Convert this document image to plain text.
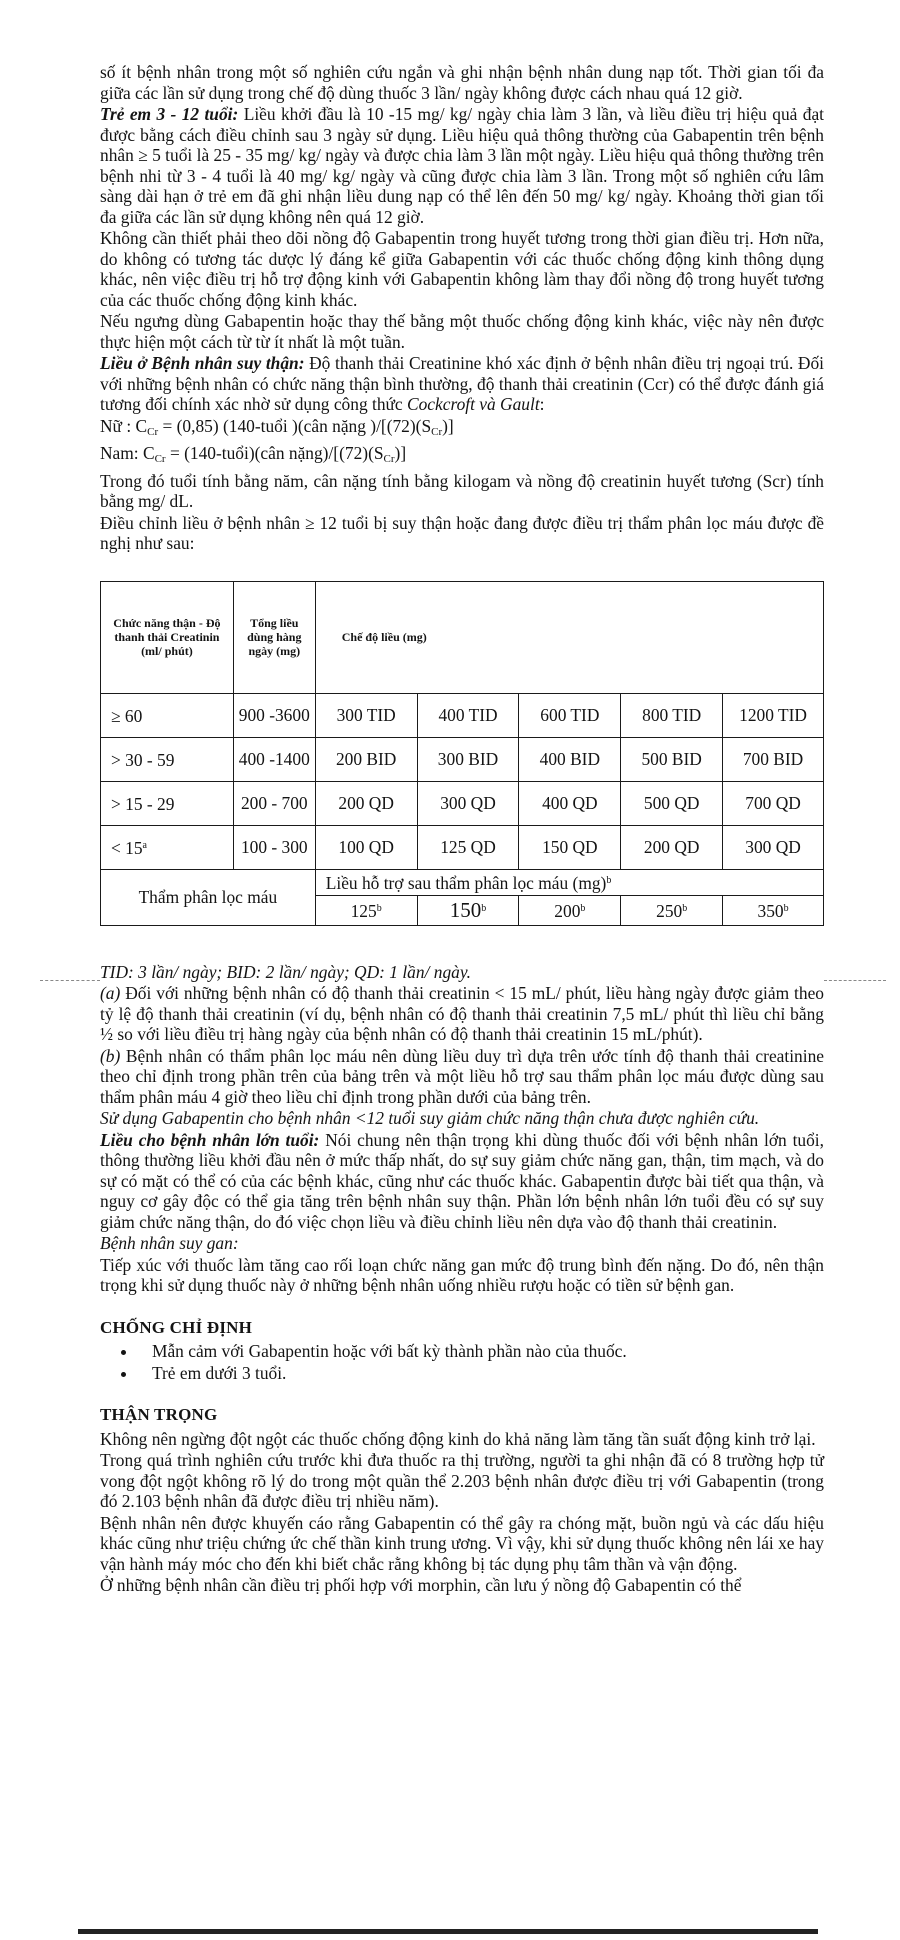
số ít bệnh nhân trong một số nghiên cứu ngắn và ghi nhận bệnh nhân dung nạp tốt. Thời gian tối đa giữa các lần sử dụng trong chế độ dùng thuốc 3 lần/ ngày không được cách nhau quá 12 giờ.

Trẻ em 3 - 12 tuổi: Liều khởi đầu là 10 -15 mg/ kg/ ngày chia làm 3 lần, và liều điều trị hiệu quả đạt được bằng cách điều chỉnh sau 3 ngày sử dụng. Liều hiệu quả thông thường của Gabapentin trên bệnh nhân ≥ 5 tuổi là 25 - 35 mg/ kg/ ngày và được chia làm 3 lần một ngày. Liều hiệu quả thông thường trên bệnh nhi từ 3 - 4 tuổi là 40 mg/ kg/ ngày và cũng được chia làm 3 lần. Trong một số nghiên cứu lâm sàng dài hạn ở trẻ em đã ghi nhận liều dung nạp có thể lên đến 50 mg/ kg/ ngày. Khoảng thời gian tối đa giữa các lần sử dụng không nên quá 12 giờ.

Không cần thiết phải theo dõi nồng độ Gabapentin trong huyết tương trong thời gian điều trị. Hơn nữa, do không có tương tác dược lý đáng kể giữa Gabapentin với các thuốc chống động kinh thông dụng khác, nên việc điều trị hỗ trợ động kinh với Gabapentin không làm thay đổi nồng độ trong huyết tương của các thuốc chống động kinh khác.

Nếu ngưng dùng Gabapentin hoặc thay thế bằng một thuốc chống động kinh khác, việc này nên được thực hiện một cách từ từ ít nhất là một tuần.

Liều ở Bệnh nhân suy thận: Độ thanh thải Creatinine khó xác định ở bệnh nhân điều trị ngoại trú. Đối với những bệnh nhân có chức năng thận bình thường, độ thanh thải creatinin (Ccr) có thể được đánh giá tương đối chính xác nhờ sử dụng công thức Cockcroft và Gault:

Nữ : $C_{Cr} = (0,85)$ (140-tuổi )(cân nặng )$/[(72)(S_{Cr})]$

Nam: $C_{Cr}$ = (140-tuổi)(cân $nặng)/[(72)(S_{Cr})]$

Trong đó tuổi tính bằng năm, cân nặng tính bằng kilogam và nồng độ creatinin huyết tương (Scr) tính bằng mg/ dL.

Điều chỉnh liều ở bệnh nhân ≥ 12 tuổi bị suy thận hoặc đang được điều trị thẩm phân lọc máu được đề nghị như sau:

Chức năng thận - Độ thanh thải Creatinin (ml/ phút)	Tổng liều dùng hàng ngày (mg)	Chế độ liều (mg)				
≥ 60	900 -3600	300 TID	400 TID	600 TID	800 TID	1200 TID
> 30 - 59	400 -1400	200 BID	300 BID	400 BID	500 BID	700 BID
> 15 - 29	200 - 700	200 QD	300 QD	400 QD	500 QD	700 QD
< $15^a$	100 - 300	100 QD	125 QD	150 QD	200 QD	300 QD
Thẩm phân lọc máu		Liều hỗ trợ sau thẩm phân lọc máu (mg)$^b$
		125$^b$	150$^b$	200$^b$	250$^b$	350$^b$

TID: 3 lần/ ngày; BID: 2 lần/ ngày; QD: 1 lần/ ngày.

(a) Đối với những bệnh nhân có độ thanh thải creatinin < 15 mL/ phút, liều hàng ngày được giảm theo tỷ lệ độ thanh thải creatinin (ví dụ, bệnh nhân có độ thanh thải creatinin 7,5 mL/ phút thì liều chỉ bằng ½ so với liều điều trị hàng ngày của bệnh nhân có độ thanh thải creatinin 15 mL/phút).

(b) Bệnh nhân có thẩm phân lọc máu nên dùng liều duy trì dựa trên ước tính độ thanh thải creatinine theo chỉ định trong phần trên của bảng trên và một liều hỗ trợ sau thẩm phân lọc máu được dùng sau thẩm phân máu 4 giờ theo liều chỉ định trong phần dưới của bảng trên.

Sử dụng Gabapentin cho bệnh nhân <12 tuổi suy giảm chức năng thận chưa được nghiên cứu.

Liều cho bệnh nhân lớn tuổi: Nói chung nên thận trọng khi dùng thuốc đối với bệnh nhân lớn tuổi, thông thường liều khởi đầu nên ở mức thấp nhất, do sự suy giảm chức năng gan, thận, tim mạch, và do sự có mặt có thể có của các bệnh khác, cũng như các thuốc khác. Gabapentin được bài tiết qua thận, và nguy cơ gây độc có thể gia tăng trên bệnh nhân suy thận. Phần lớn bệnh nhân lớn tuổi đều có sự suy giảm chức năng thận, do đó việc chọn liều và điều chỉnh liều nên dựa vào độ thanh thải creatinin.

Bệnh nhân suy gan:

Tiếp xúc với thuốc làm tăng cao rối loạn chức năng gan mức độ trung bình đến nặng. Do đó, nên thận trọng khi sử dụng thuốc này ở những bệnh nhân uống nhiều rượu hoặc có tiền sử bệnh gan.

CHỐNG CHỈ ĐỊNH
• Mẫn cảm với Gabapentin hoặc với bất kỳ thành phần nào của thuốc.
• Trẻ em dưới 3 tuổi.
THẬN TRỌNG

Không nên ngừng đột ngột các thuốc chống động kinh do khả năng làm tăng tần suất động kinh trở lại.

Trong quá trình nghiên cứu trước khi đưa thuốc ra thị trường, người ta ghi nhận đã có 8 trường hợp tử vong đột ngột không rõ lý do trong một quần thể 2.203 bệnh nhân được điều trị với Gabapentin (trong đó 2.103 bệnh nhân đã được điều trị nhiều năm).

Bệnh nhân nên được khuyến cáo rằng Gabapentin có thể gây ra chóng mặt, buồn ngủ và các dấu hiệu khác cũng như triệu chứng ức chế thần kinh trung ương. Vì vậy, khi sử dụng thuốc không nên lái xe hay vận hành máy móc cho đến khi biết chắc rằng không bị tác dụng phụ tâm thần và vận động.

Ở những bệnh nhân cần điều trị phối hợp với morphin, cần lưu ý nồng độ Gabapentin có thể
